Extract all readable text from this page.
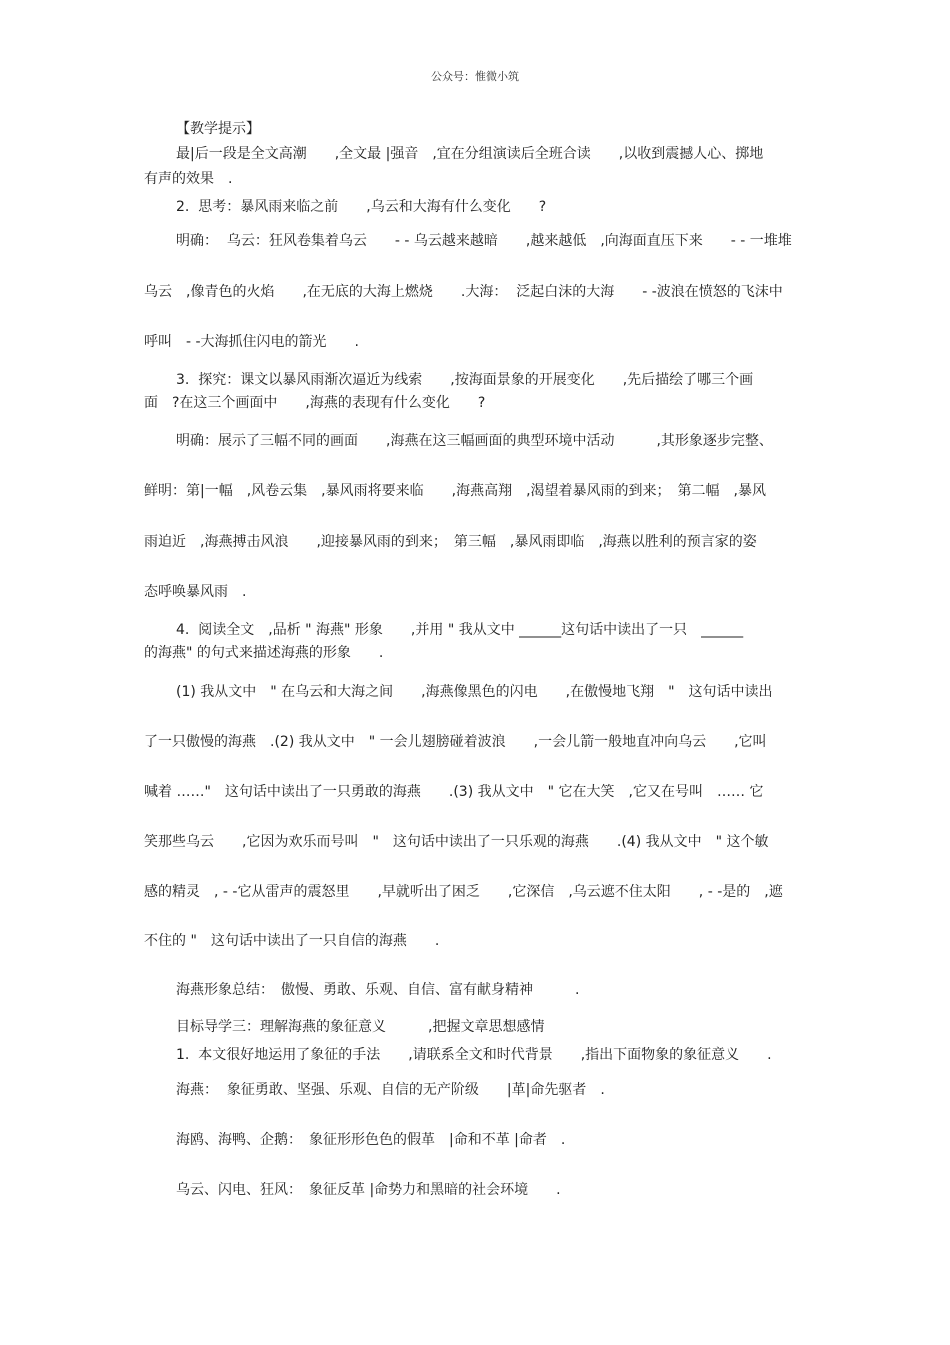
公众号：惟微小筑
【教学提示】
最|后一段是全文高潮　　,全文最 |强音　,宜在分组演读后全班合读　　,以收到震撼人心、掷地
有声的效果　.
2.  思考：暴风雨来临之前　　,乌云和大海有什么变化　　?
明确：  乌云：狂风卷集着乌云　　- - 乌云越来越暗　　,越来越低　,向海面直压下来　　- - 一堆堆
乌云　,像青色的火焰　　,在无底的大海上燃烧　　.大海：  泛起白沫的大海　　- -波浪在愤怒的飞沫中
呼叫　- -大海抓住闪电的箭光　　.
3.  探究：课文以暴风雨渐次逼近为线索　　,按海面景象的开展变化　　,先后描绘了哪三个画
面　?在这三个画面中　　,海燕的表现有什么变化　　?
明确：展示了三幅不同的画面　　,海燕在这三幅画面的典型环境中活动　　　,其形象逐步完整、
鲜明：第|一幅　,风卷云集　,暴风雨将要来临　　,海燕高翔　,渴望着暴风雨的到来；　第二幅　,暴风
雨迫近　,海燕搏击风浪　　,迎接暴风雨的到来；　第三幅　,暴风雨即临　,海燕以胜利的预言家的姿
态呼唤暴风雨　.
4.  阅读全文　,品析 " 海燕" 形象　　,并用 " 我从文中 ______这句话中读出了一只　______
的海燕" 的句式来描述海燕的形象　　.
(1) 我从文中　" 在乌云和大海之间　　,海燕像黑色的闪电　　,在傲慢地飞翔　"　这句话中读出
了一只傲慢的海燕　.(2) 我从文中　" 一会儿翅膀碰着波浪　　,一会儿箭一般地直冲向乌云　　,它叫
喊着 ……"　这句话中读出了一只勇敢的海燕　　.(3) 我从文中　" 它在大笑　,它又在号叫　…… 它
笑那些乌云　　,它因为欢乐而号叫　"　这句话中读出了一只乐观的海燕　　.(4) 我从文中　" 这个敏
感的精灵　, - -它从雷声的震怒里　　,早就听出了困乏　　,它深信　,乌云遮不住太阳　　, - -是的　,遮
不住的 "　这句话中读出了一只自信的海燕　　.
海燕形象总结：　傲慢、勇敢、乐观、自信、富有献身精神　　　.
目标导学三：理解海燕的象征意义　　　,把握文章思想感情
1.  本文很好地运用了象征的手法　　,请联系全文和时代背景　　,指出下面物象的象征意义　　.
海燕：  象征勇敢、坚强、乐观、自信的无产阶级　　|革|命先驱者　.
海鸥、海鸭、企鹅：　象征形形色色的假革　|命和不革 |命者　.
乌云、闪电、狂风：　象征反革 |命势力和黑暗的社会环境　　.
